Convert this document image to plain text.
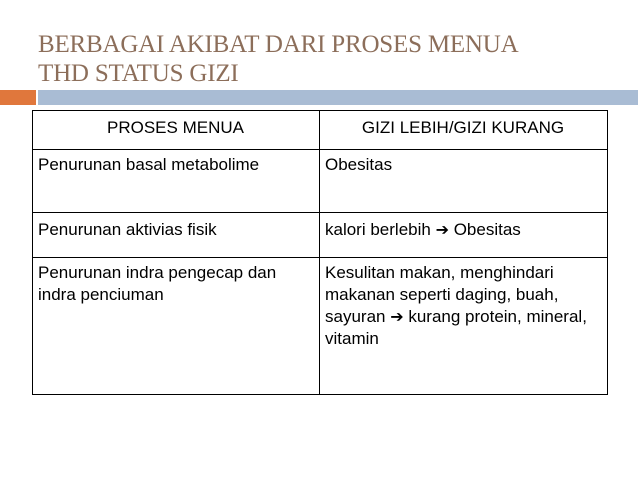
BERBAGAI AKIBAT DARI PROSES MENUA
THD STATUS GIZI
PROSES MENUA	GIZI LEBIH/GIZI KURANG
Penurunan basal metabolime	Obesitas
Penurunan aktivias fisik	kalori berlebih ➔ Obesitas
Penurunan indra pengecap dan indra penciuman	Kesulitan makan, menghindari makanan seperti daging, buah, sayuran ➔ kurang protein, mineral, vitamin
